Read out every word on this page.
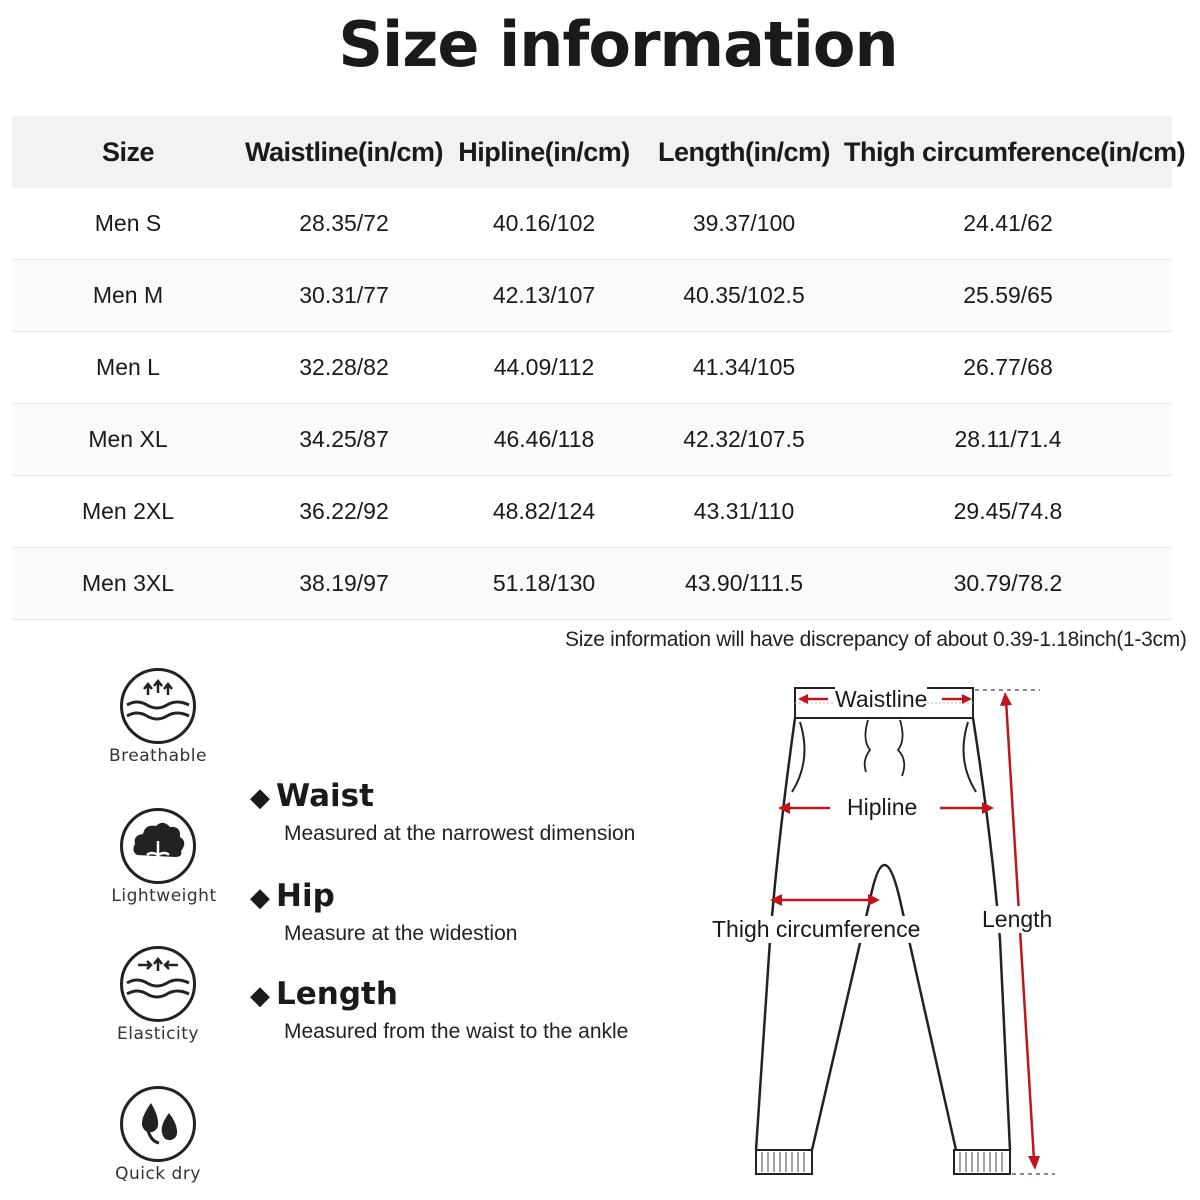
Size information
Size	Waistline(in/cm)	Hipline(in/cm)	Length(in/cm)	Thigh circumference(in/cm)
Men S	28.35/72	40.16/102	39.37/100	24.41/62
Men M	30.31/77	42.13/107	40.35/102.5	25.59/65
Men L	32.28/82	44.09/112	41.34/105	26.77/68
Men XL	34.25/87	46.46/118	42.32/107.5	28.11/71.4
Men 2XL	36.22/92	48.82/124	43.31/110	29.45/74.8
Men 3XL	38.19/97	51.18/130	43.90/111.5	30.79/78.2
Size information will have discrepancy of about 0.39-1.18inch(1-3cm)
Breathable
Lightweight
Elasticity
Quick dry
◆ Waist
Measured at the narrowest dimension
◆ Hip
Measure at the widestion
◆ Length
Measured from the waist to the ankle
Waistline
Hipline
Thigh circumference	Length
